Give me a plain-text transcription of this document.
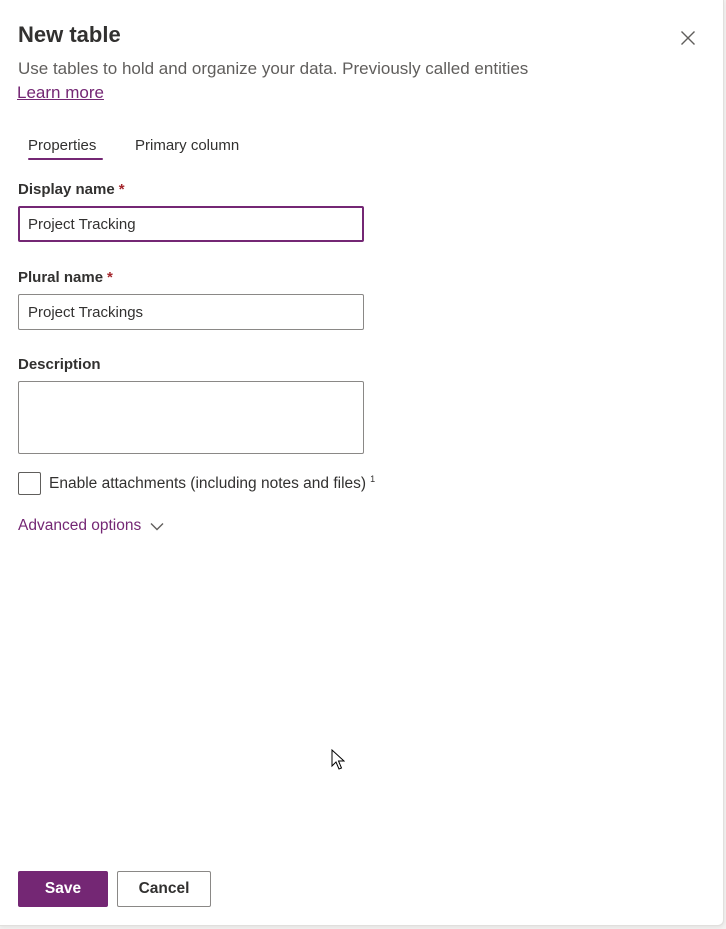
New table
Use tables to hold and organize your data. Previously called entities
Learn more
Properties	Primary column
Display name *
Project Tracking
Plural name *
Project Trackings
Description
Enable attachments (including notes and files) $^1$
Advanced options
Save	Cancel
